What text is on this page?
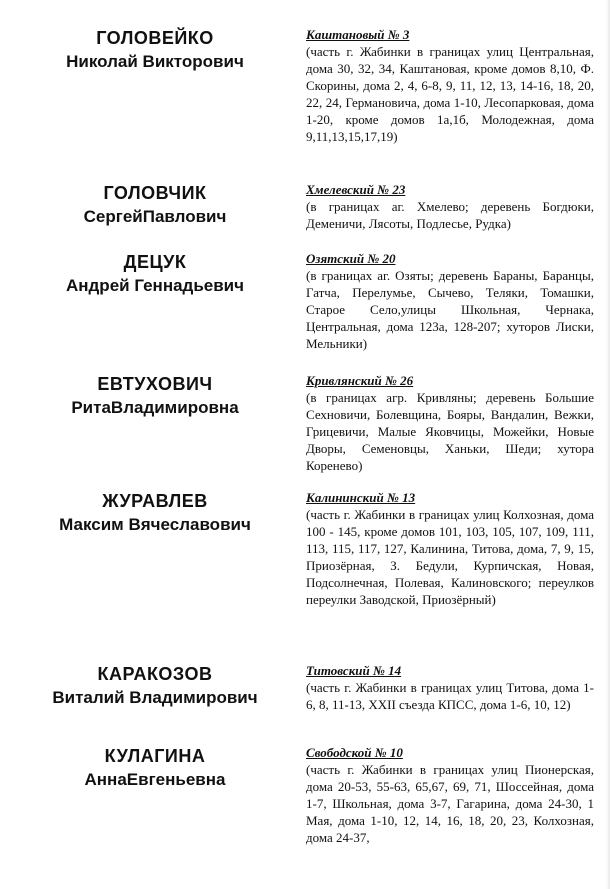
ГОЛОВЕЙКО
Николай Викторович
Каштановый № 3
(часть г. Жабинки в границах улиц Центральная, дома 30, 32, 34, Каштановая, кроме домов 8,10, Ф. Скорины, дома 2, 4, 6-8, 9, 11, 12, 13, 14-16, 18, 20, 22, 24, Германовича, дома 1-10, Лесопарковая, дома 1-20, кроме домов 1а,1б, Молодежная, дома 9,11,13,15,17,19)
ГОЛОВЧИК
СергейПавлович
Хмелевский № 23
(в границах аг. Хмелево; деревень Богдюки, Деменичи, Лясоты, Подлесье, Рудка)
ДЕЦУК
Андрей Геннадьевич
Озятский № 20
(в границах аг. Озяты; деревень Бараны, Баранцы, Гатча, Перелумье, Сычево, Теляки, Томашки, Старое Село,улицы Школьная, Чернака, Центральная, дома 123а, 128-207; хуторов Лиски, Мельники)
ЕВТУХОВИЧ
РитаВладимировна
Кривлянский № 26
(в границах агр. Кривляны; деревень Большие Сехновичи, Болевщина, Бояры, Вандалин, Вежки, Грицевичи, Малые Яковчицы, Можейки, Новые Дворы, Семеновцы, Ханьки, Шеди; хутора Коренево)
ЖУРАВЛЕВ
Максим Вячеславович
Калининский № 13
(часть г. Жабинки в границах улиц Колхозная, дома 100 - 145, кроме домов 101, 103, 105, 107, 109, 111, 113, 115, 117, 127, Калинина, Титова, дома, 7, 9, 15, Приозёрная, З. Бедули, Курпичская, Новая, Подсолнечная, Полевая, Калиновского; переулков переулки Заводской, Приозёрный)
КАРАКОЗОВ
Виталий Владимирович
Титовский № 14
(часть г. Жабинки в границах улиц Титова, дома 1-6, 8, 11-13, XXII съезда КПСС, дома 1-6, 10, 12)
КУЛАГИНА
АннаЕвгеньевна
Свободской № 10
(часть г. Жабинки в границах улиц Пионерская, дома 20-53, 55-63, 65,67, 69, 71, Шоссейная, дома 1-7, Школьная, дома 3-7, Гагарина, дома 24-30, 1 Мая, дома 1-10, 12, 14, 16, 18, 20, 23, Колхозная, дома 24-37,
